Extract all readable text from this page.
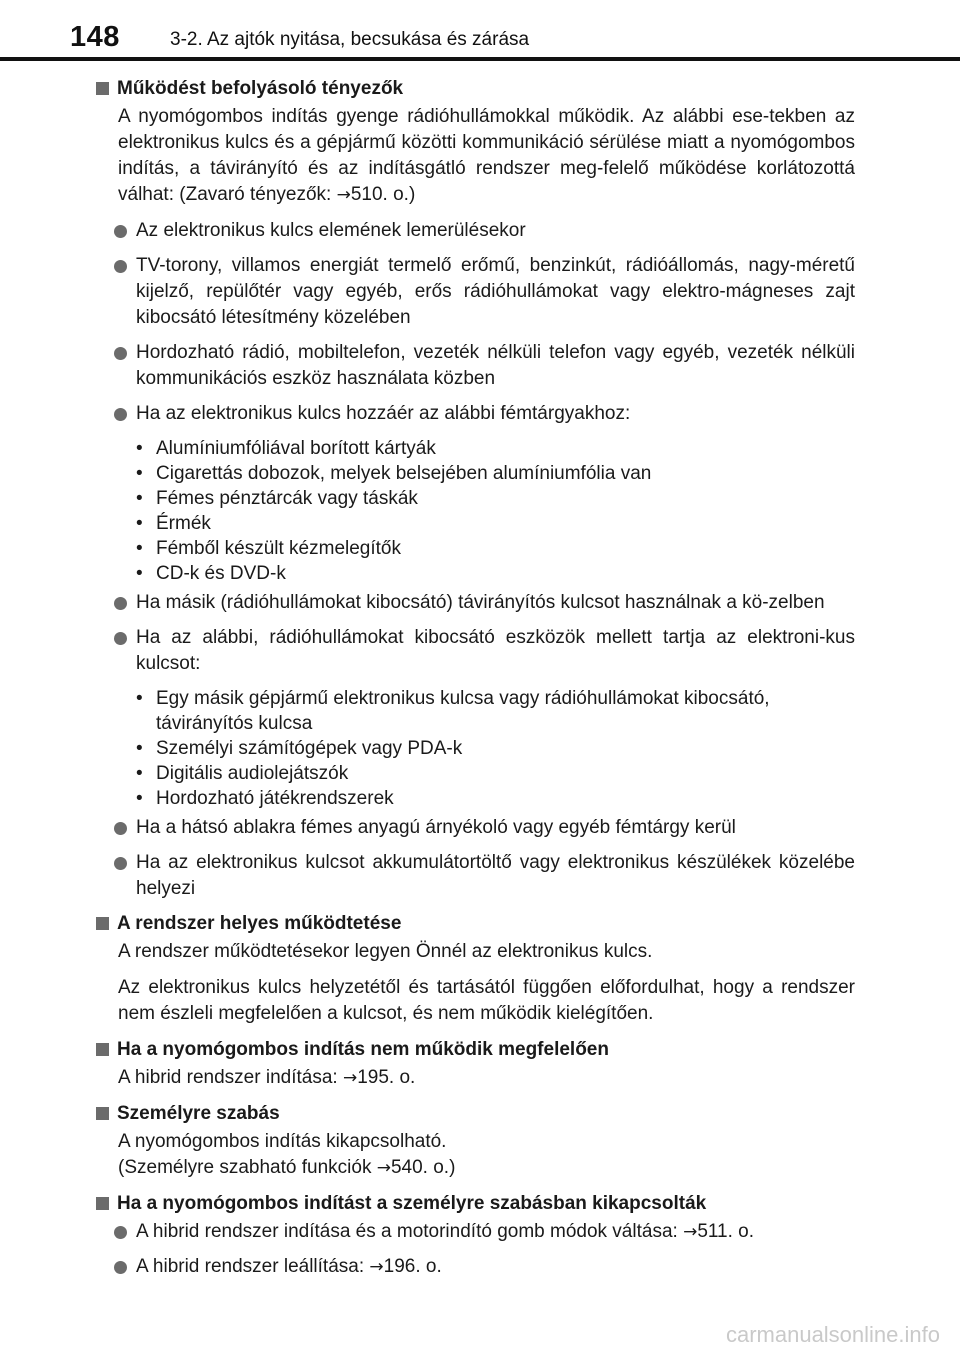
148	3-2. Az ajtók nyitása, becsukása és zárása
Működést befolyásoló tényezők
A nyomógombos indítás gyenge rádióhullámokkal működik. Az alábbi ese-tekben az elektronikus kulcs és a gépjármű közötti kommunikáció sérülése miatt a nyomógombos indítás, a távirányító és az indításgátló rendszer meg-felelő működése korlátozottá válhat: (Zavaró tényezők: →510. o.)
Az elektronikus kulcs elemének lemerülésekor
TV-torony, villamos energiát termelő erőmű, benzinkút, rádióállomás, nagy-méretű kijelző, repülőtér vagy egyéb, erős rádióhullámokat vagy elektro-mágneses zajt kibocsátó létesítmény közelében
Hordozható rádió, mobiltelefon, vezeték nélküli telefon vagy egyéb, vezeték nélküli kommunikációs eszköz használata közben
Ha az elektronikus kulcs hozzáér az alábbi fémtárgyakhoz:
• Alumíniumfóliával borított kártyák
• Cigarettás dobozok, melyek belsejében alumíniumfólia van
• Fémes pénztárcák vagy táskák
• Érmék
• Fémből készült kézmelegítők
• CD-k és DVD-k
Ha másik (rádióhullámokat kibocsátó) távirányítós kulcsot használnak a kö-zelben
Ha az alábbi, rádióhullámokat kibocsátó eszközök mellett tartja az elektroni-kus kulcsot:
• Egy másik gépjármű elektronikus kulcsa vagy rádióhullámokat kibocsátó, távirányítós kulcsa
• Személyi számítógépek vagy PDA-k
• Digitális audiolejátszók
• Hordozható játékrendszerek
Ha a hátsó ablakra fémes anyagú árnyékoló vagy egyéb fémtárgy kerül
Ha az elektronikus kulcsot akkumulátortöltő vagy elektronikus készülékek közelébe helyezi
A rendszer helyes működtetése
A rendszer működtetésekor legyen Önnél az elektronikus kulcs.
Az elektronikus kulcs helyzetétől és tartásától függően előfordulhat, hogy a rendszer nem észleli megfelelően a kulcsot, és nem működik kielégítően.
Ha a nyomógombos indítás nem működik megfelelően
A hibrid rendszer indítása: →195. o.
Személyre szabás
A nyomógombos indítás kikapcsolható.
(Személyre szabható funkciók →540. o.)
Ha a nyomógombos indítást a személyre szabásban kikapcsolták
A hibrid rendszer indítása és a motorindító gomb módok váltása: →511. o.
A hibrid rendszer leállítása: →196. o.
carmanualsonline.info
